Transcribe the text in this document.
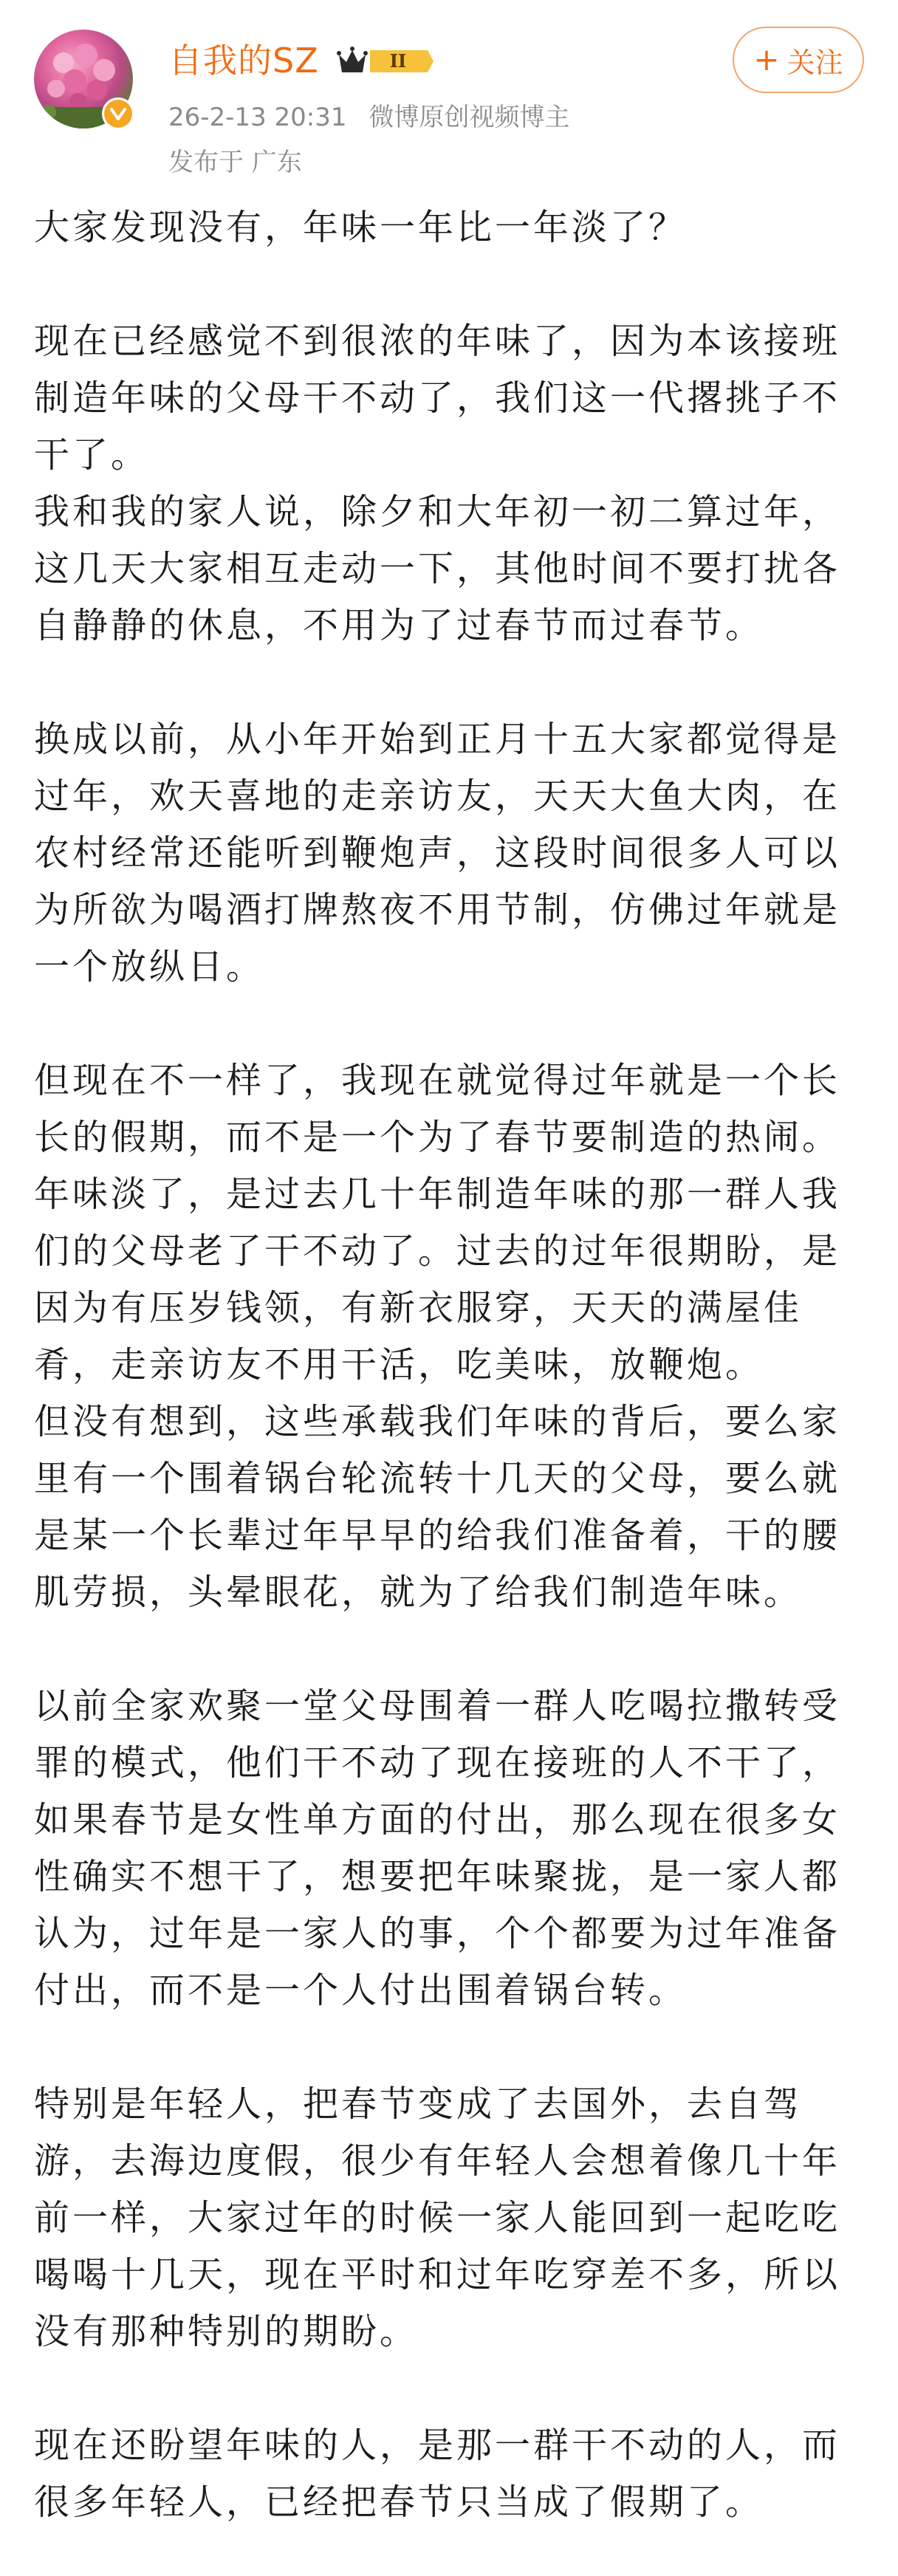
自我的SZ	II	+ 关注
26-2-13 20:31 微博原创视频博主
发布于 广东

大家发现没有，年味一年比一年淡了？

现在已经感觉不到很浓的年味了，因为本该接班制造年味的父母干不动了，我们这一代撂挑子不干了。

我和我的家人说，除夕和大年初一初二算过年，这几天大家相互走动一下，其他时间不要打扰各自静静的休息，不用为了过春节而过春节。

换成以前，从小年开始到正月十五大家都觉得是过年，欢天喜地的走亲访友，天天大鱼大肉，在农村经常还能听到鞭炮声，这段时间很多人可以为所欲为喝酒打牌熬夜不用节制，仿佛过年就是一个放纵日。

但现在不一样了，我现在就觉得过年就是一个长长的假期，而不是一个为了春节要制造的热闹。

年味淡了，是过去几十年制造年味的那一群人我们的父母老了干不动了。过去的过年很期盼，是因为有压岁钱领，有新衣服穿，天天的满屋佳肴，走亲访友不用干活，吃美味，放鞭炮。

但没有想到，这些承载我们年味的背后，要么家里有一个围着锅台轮流转十几天的父母，要么就是某一个长辈过年早早的给我们准备着，干的腰肌劳损，头晕眼花，就为了给我们制造年味。

以前全家欢聚一堂父母围着一群人吃喝拉撒转受罪的模式，他们干不动了现在接班的人不干了，如果春节是女性单方面的付出，那么现在很多女性确实不想干了，想要把年味聚拢，是一家人都认为，过年是一家人的事，个个都要为过年准备付出，而不是一个人付出围着锅台转。

特别是年轻人，把春节变成了去国外，去自驾游，去海边度假，很少有年轻人会想着像几十年前一样，大家过年的时候一家人能回到一起吃吃喝喝十几天，现在平时和过年吃穿差不多，所以没有那种特别的期盼。

现在还盼望年味的人，是那一群干不动的人，而很多年轻人，已经把春节只当成了假期了。
